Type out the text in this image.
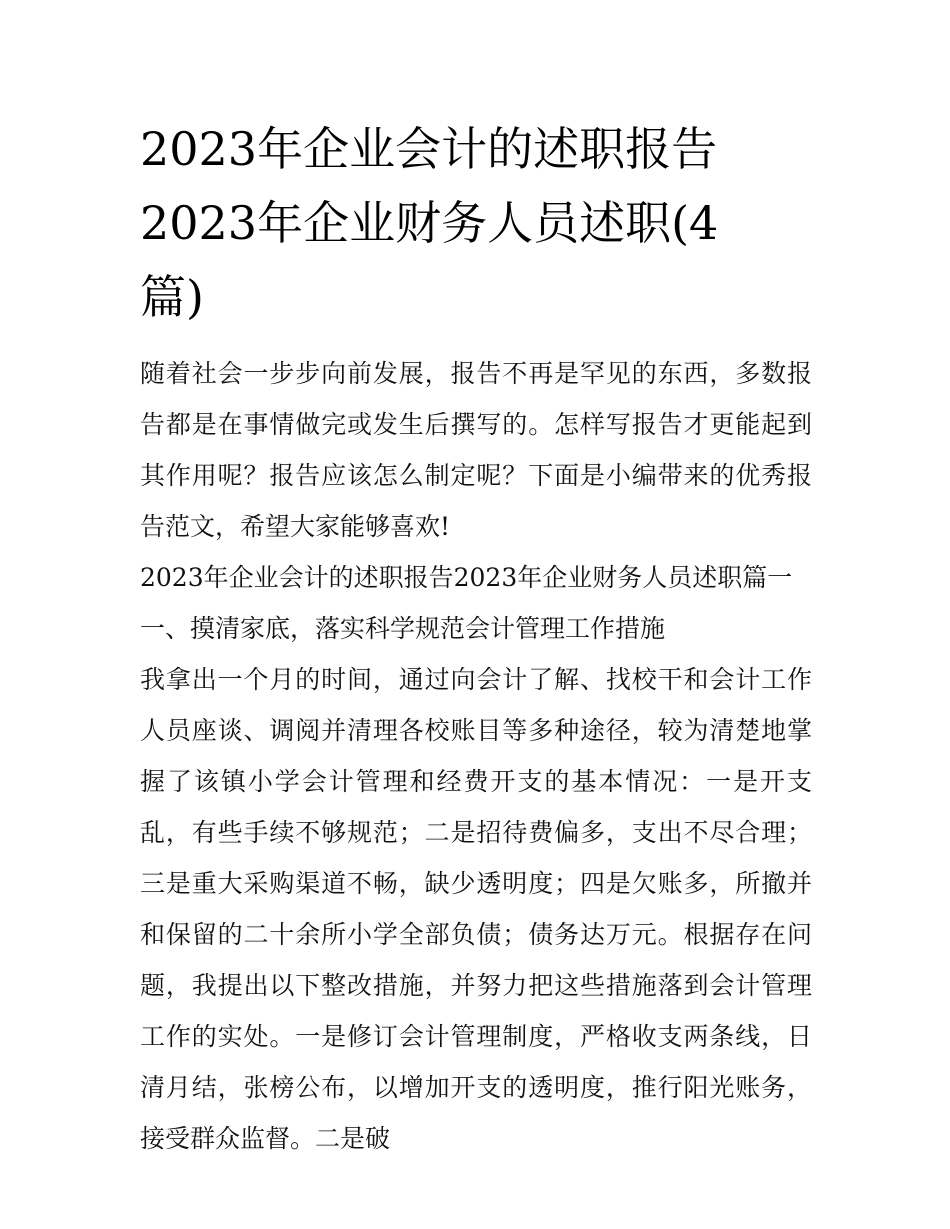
2023年企业会计的述职报告
2023年企业财务人员述职(4
篇)

随着社会一步步向前发展，报告不再是罕见的东西，多数报告都是在事情做完或发生后撰写的。怎样写报告才更能起到其作用呢？报告应该怎么制定呢？下面是小编带来的优秀报告范文，希望大家能够喜欢!

2023年企业会计的述职报告2023年企业财务人员述职篇一

一、摸清家底，落实科学规范会计管理工作措施

我拿出一个月的时间，通过向会计了解、找校干和会计工作人员座谈、调阅并清理各校账目等多种途径，较为清楚地掌握了该镇小学会计管理和经费开支的基本情况：一是开支乱，有些手续不够规范；二是招待费偏多，支出不尽合理；三是重大采购渠道不畅，缺少透明度；四是欠账多，所撤并和保留的二十余所小学全部负债；债务达万元。根据存在问题，我提出以下整改措施，并努力把这些措施落到会计管理工作的实处。一是修订会计管理制度，严格收支两条线，日清月结，张榜公布，以增加开支的透明度，推行阳光账务，接受群众监督。二是破
